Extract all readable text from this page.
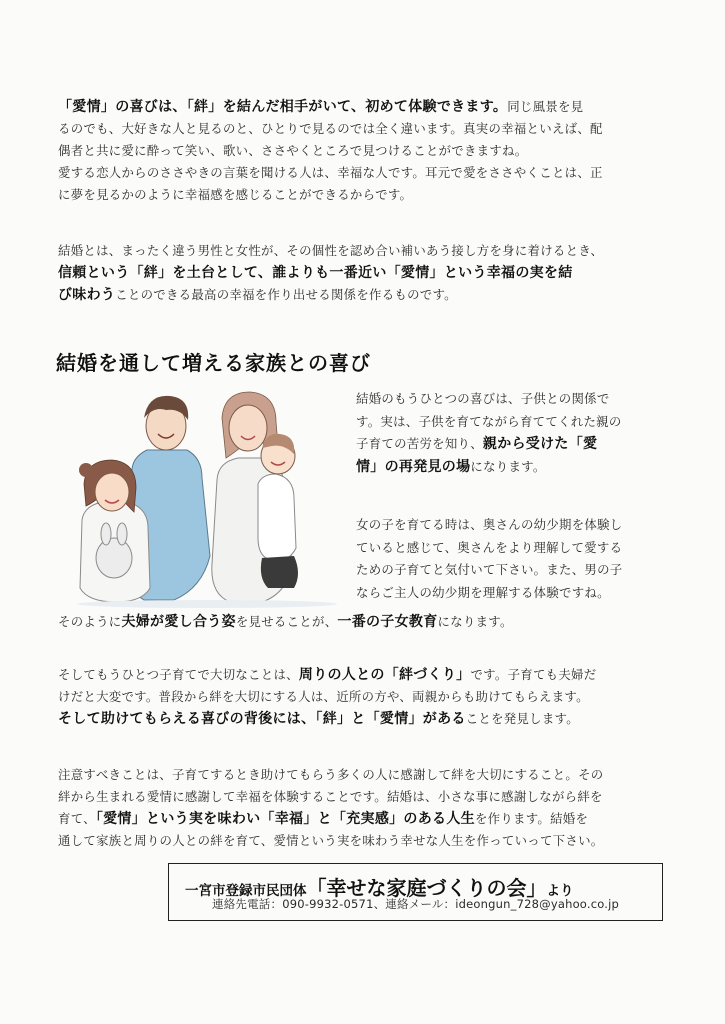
「愛情」の喜びは、「絆」を結んだ相手がいて、初めて体験できます。同じ風景を見
るのでも、大好きな人と見るのと、ひとりで見るのでは全く違います。真実の幸福といえば、配
偶者と共に愛に酔って笑い、歌い、ささやくところで見つけることができますね。
愛する恋人からのささやきの言葉を聞ける人は、幸福な人です。耳元で愛をささやくことは、正
に夢を見るかのように幸福感を感じることができるからです。

結婚とは、まったく違う男性と女性が、その個性を認め合い補いあう接し方を身に着けるとき、
信頼という「絆」を土台として、誰よりも一番近い「愛情」という幸福の実を結
び味わうことのできる最高の幸福を作り出せる関係を作るものです。

結婚を通して増える家族との喜び

結婚のもうひとつの喜びは、子供との関係で
す。実は、子供を育てながら育ててくれた親の
子育ての苦労を知り、親から受けた「愛
情」の再発見の場になります。

女の子を育てる時は、奥さんの幼少期を体験し
ていると感じて、奥さんをより理解して愛する
ための子育てと気付いて下さい。また、男の子
ならご主人の幼少期を理解する体験ですね。

そのように夫婦が愛し合う姿を見せることが、一番の子女教育になります。

そしてもうひとつ子育てで大切なことは、周りの人との「絆づくり」です。子育ても夫婦だ
けだと大変です。普段から絆を大切にする人は、近所の方や、両親からも助けてもらえます。
そして助けてもらえる喜びの背後には、「絆」と「愛情」があることを発見します。

注意すべきことは、子育てするとき助けてもらう多くの人に感謝して絆を大切にすること。その
絆から生まれる愛情に感謝して幸福を体験することです。結婚は、小さな事に感謝しながら絆を
育て、「愛情」という実を味わい「幸福」と「充実感」のある人生を作ります。結婚を
通して家族と周りの人との絆を育て、愛情という実を味わう幸せな人生を作っていって下さい。

連絡先電話：090-9932-0571、連絡メール：ideongun_728@yahoo.co.jp

一宮市登録市民団体「幸せな家庭づくりの会」より
